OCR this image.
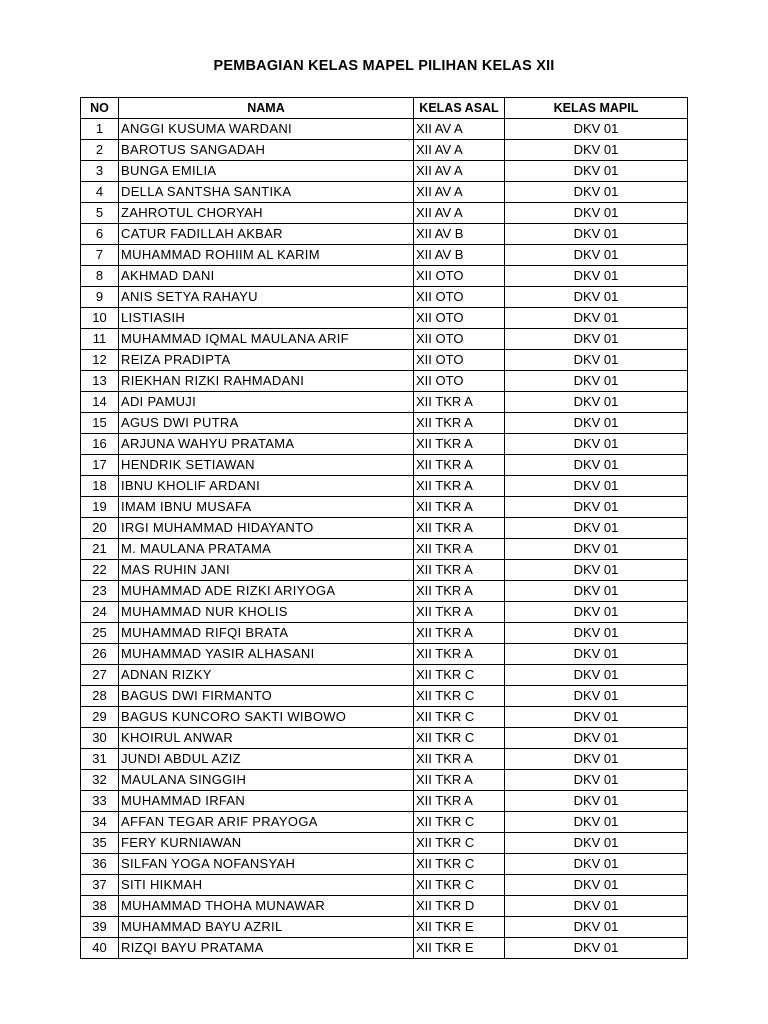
PEMBAGIAN KELAS MAPEL PILIHAN KELAS XII
NO	NAMA	KELAS ASAL	KELAS MAPIL
1	ANGGI KUSUMA WARDANI	XII AV A	DKV 01
2	BAROTUS SANGADAH	XII AV A	DKV 01
3	BUNGA EMILIA	XII AV A	DKV 01
4	DELLA SANTSHA SANTIKA	XII AV A	DKV 01
5	ZAHROTUL CHORYAH	XII AV A	DKV 01
6	CATUR FADILLAH AKBAR	XII AV B	DKV 01
7	MUHAMMAD ROHIIM AL KARIM	XII AV B	DKV 01
8	AKHMAD DANI	XII OTO	DKV 01
9	ANIS SETYA RAHAYU	XII OTO	DKV 01
10	LISTIASIH	XII OTO	DKV 01
11	MUHAMMAD IQMAL MAULANA ARIF	XII OTO	DKV 01
12	REIZA PRADIPTA	XII OTO	DKV 01
13	RIEKHAN RIZKI RAHMADANI	XII OTO	DKV 01
14	ADI PAMUJI	XII TKR A	DKV 01
15	AGUS DWI PUTRA	XII TKR A	DKV 01
16	ARJUNA WAHYU PRATAMA	XII TKR A	DKV 01
17	HENDRIK SETIAWAN	XII TKR A	DKV 01
18	IBNU KHOLIF ARDANI	XII TKR A	DKV 01
19	IMAM IBNU MUSAFA	XII TKR A	DKV 01
20	IRGI MUHAMMAD HIDAYANTO	XII TKR A	DKV 01
21	M. MAULANA PRATAMA	XII TKR A	DKV 01
22	MAS RUHIN JANI	XII TKR A	DKV 01
23	MUHAMMAD ADE RIZKI ARIYOGA	XII TKR A	DKV 01
24	MUHAMMAD NUR KHOLIS	XII TKR A	DKV 01
25	MUHAMMAD RIFQI BRATA	XII TKR A	DKV 01
26	MUHAMMAD YASIR ALHASANI	XII TKR A	DKV 01
27	ADNAN RIZKY	XII TKR C	DKV 01
28	BAGUS DWI FIRMANTO	XII TKR C	DKV 01
29	BAGUS KUNCORO SAKTI WIBOWO	XII TKR C	DKV 01
30	KHOIRUL ANWAR	XII TKR C	DKV 01
31	JUNDI ABDUL AZIZ	XII TKR A	DKV 01
32	MAULANA SINGGIH	XII TKR A	DKV 01
33	MUHAMMAD IRFAN	XII TKR A	DKV 01
34	AFFAN TEGAR ARIF PRAYOGA	XII TKR C	DKV 01
35	FERY KURNIAWAN	XII TKR C	DKV 01
36	SILFAN YOGA NOFANSYAH	XII TKR C	DKV 01
37	SITI HIKMAH	XII TKR C	DKV 01
38	MUHAMMAD THOHA MUNAWAR	XII TKR D	DKV 01
39	MUHAMMAD BAYU AZRIL	XII TKR E	DKV 01
40	RIZQI BAYU PRATAMA	XII TKR E	DKV 01
